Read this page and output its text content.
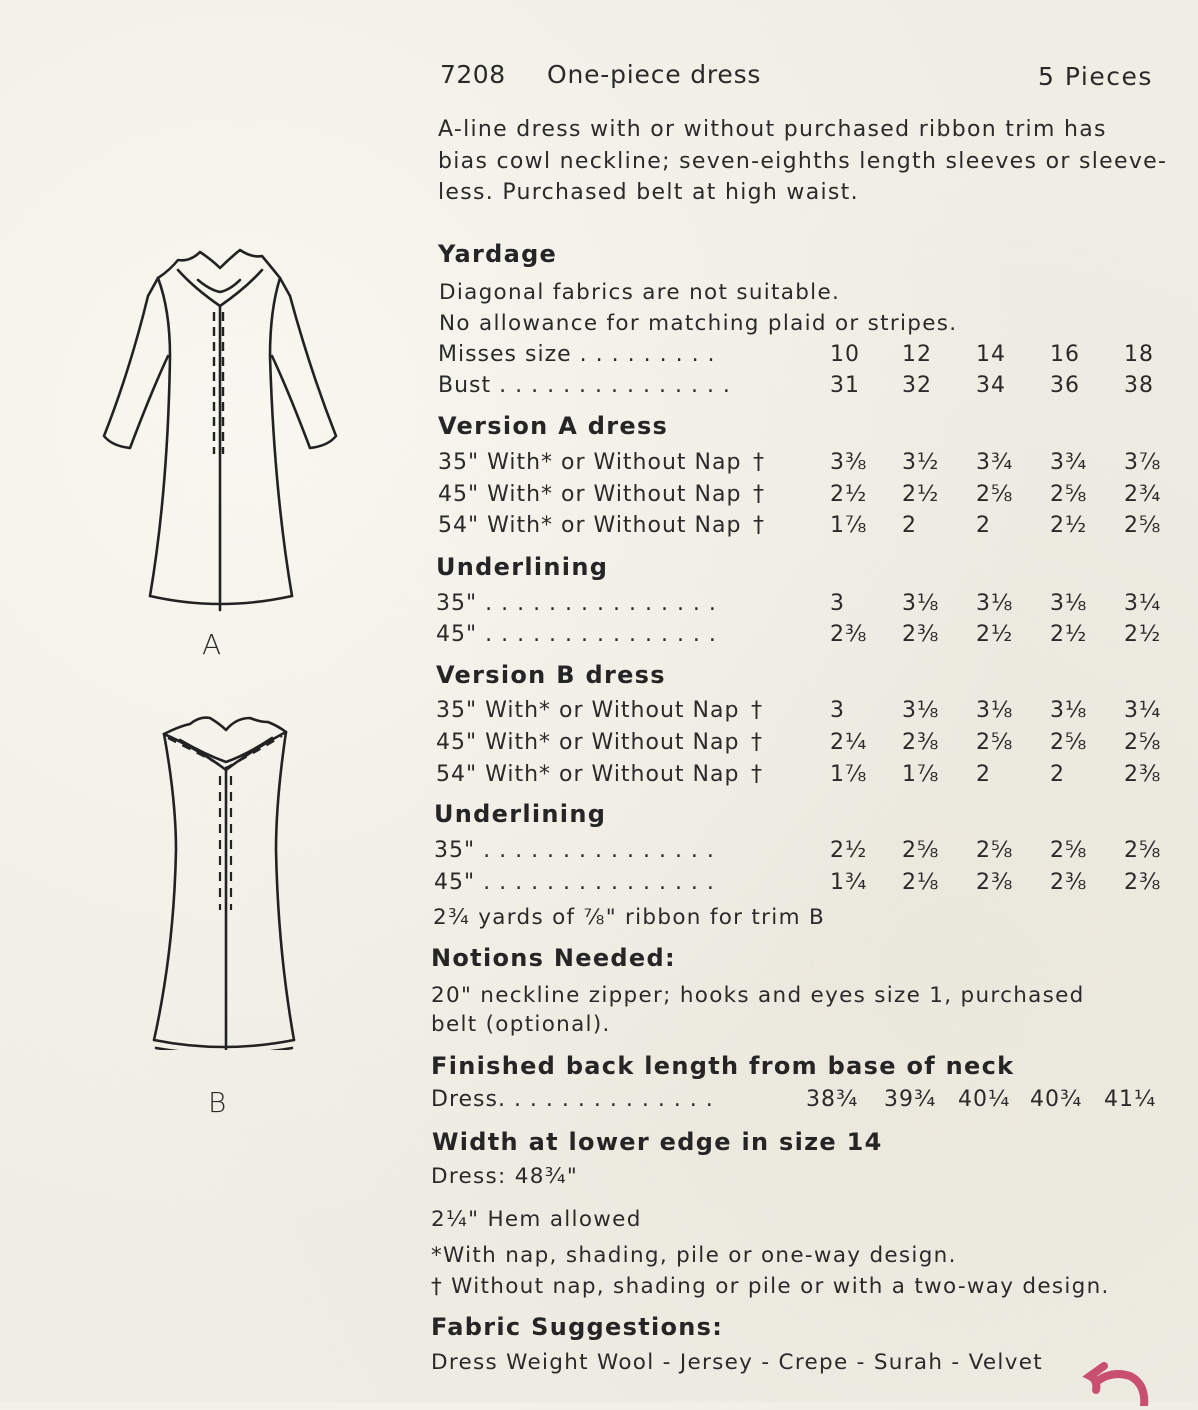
A
B
7208 One-piece dress	5 Pieces
A-line dress with or without purchased ribbon trim has
bias cowl neckline; seven-eighths length sleeves or sleeve-
less. Purchased belt at high waist.
Yardage
Diagonal fabrics are not suitable.
No allowance for matching plaid or stripes.
Misses size . . . . . . . . .	10	12	14	16	18
Bust . . . . . . . . . . . . . . .	31	32	34	36	38
Version A dress
35" With* or Without Nap †	3⅜	3½	3¾	3¾	3⅞
45" With* or Without Nap †	2½	2½	2⅝	2⅝	2¾
54" With* or Without Nap †	1⅞	2	2	2½	2⅝
Underlining
35" . . . . . . . . . . . . . . .	3	3⅛	3⅛	3⅛	3¼
45" . . . . . . . . . . . . . . .	2⅜	2⅜	2½	2½	2½
Version B dress
35" With* or Without Nap †	3	3⅛	3⅛	3⅛	3¼
45" With* or Without Nap †	2¼	2⅜	2⅝	2⅝	2⅝
54" With* or Without Nap †	1⅞	1⅞	2	2	2⅜
Underlining
35" . . . . . . . . . . . . . . .	2½	2⅝	2⅝	2⅝	2⅝
45" . . . . . . . . . . . . . . .	1¾	2⅛	2⅜	2⅜	2⅜
Dress. . . . . . . . . . . . . .	38¾	39¾ 40¼ 40¾ 41¼
2¾ yards of ⅞" ribbon for trim B
Notions Needed:
20" neckline zipper; hooks and eyes size 1, purchased
belt (optional).
Finished back length from base of neck
Width at lower edge in size 14
Dress: 48¾"
2¼" Hem allowed
*With nap, shading, pile or one-way design.
† Without nap, shading or pile or with a two-way design.
Fabric Suggestions:
Dress Weight Wool - Jersey - Crepe - Surah - Velvet
